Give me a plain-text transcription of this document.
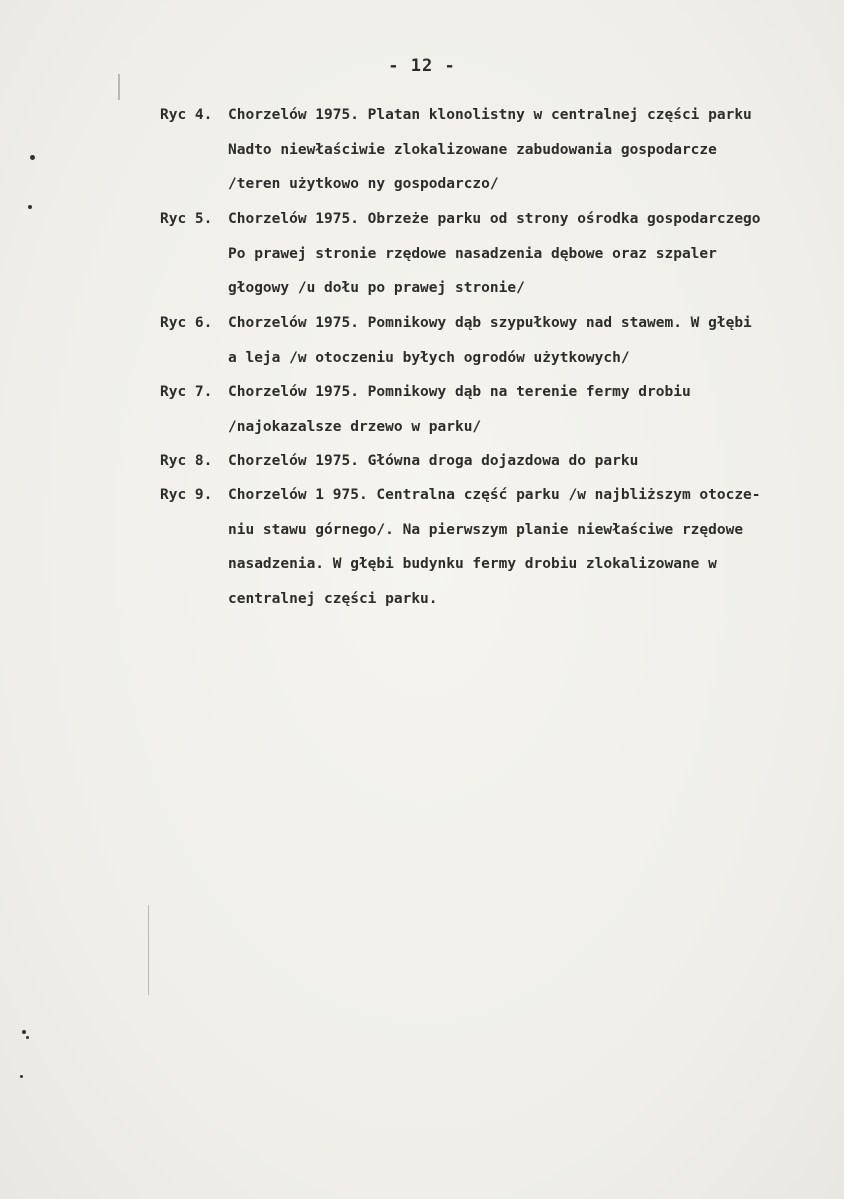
- 12 -
Ryc 4. Chorzelów 1975. Platan klonolistny w centralnej części parku
Nadto niewłaściwie zlokalizowane zabudowania gospodarcze
/teren użytkowo ny gospodarczo/
Ryc 5. Chorzelów 1975. Obrzeże parku od strony ośrodka gospodarczego
Po prawej stronie rzędowe nasadzenia dębowe oraz szpaler
głogowy /u dołu po prawej stronie/
Ryc 6. Chorzelów 1975. Pomnikowy dąb szypułkowy nad stawem. W głębi
a leja /w otoczeniu byłych ogrodów użytkowych/
Ryc 7. Chorzelów 1975. Pomnikowy dąb na terenie fermy drobiu
/najokazalsze drzewo w parku/
Ryc 8. Chorzelów 1975. Główna droga dojazdowa do parku
Ryc 9. Chorzelów 1 975. Centralna część parku /w najbliższym otocze-
niu stawu górnego/. Na pierwszym planie niewłaściwe rzędowe
nasadzenia. W głębi budynku fermy drobiu zlokalizowane w
centralnej części parku.
